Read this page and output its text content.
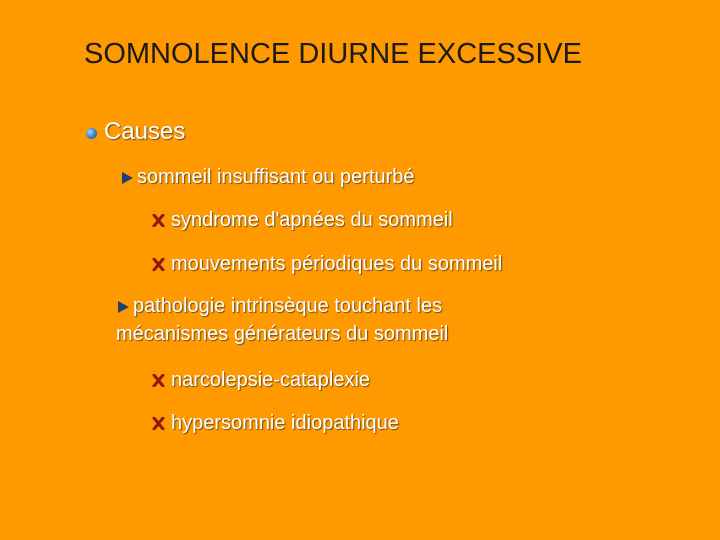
SOMNOLENCE DIURNE EXCESSIVE
Causes
sommeil insuffisant ou perturbé
syndrome d'apnées du sommeil
mouvements périodiques du sommeil
pathologie intrinsèque touchant les
mécanismes générateurs du sommeil
narcolepsie-cataplexie
hypersomnie idiopathique
